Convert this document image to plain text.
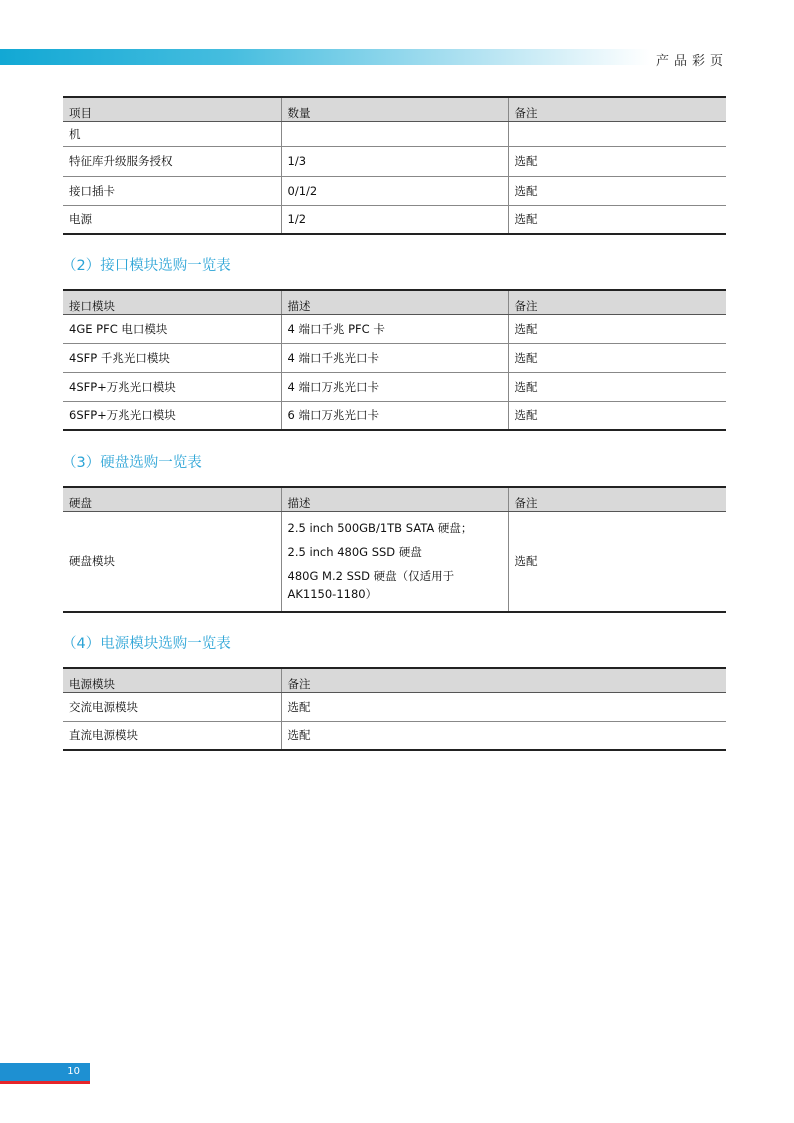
产品彩页
项目	数量	备注
机		
特征库升级服务授权	1/3	选配
接口插卡	0/1/2	选配
电源	1/2	选配
（2）接口模块选购一览表
接口模块	描述	备注
4GE PFC 电口模块	4 端口千兆 PFC 卡	选配
4SFP 千兆光口模块	4 端口千兆光口卡	选配
4SFP+万兆光口模块	4 端口万兆光口卡	选配
6SFP+万兆光口模块	6 端口万兆光口卡	选配
（3）硬盘选购一览表
硬盘	描述	备注
硬盘模块	2.5 inch 500GB/1TB SATA 硬盘；
2.5 inch 480G SSD 硬盘
480G M.2 SSD 硬盘（仅适用于AK1150-1180）	选配
（4）电源模块选购一览表
电源模块	备注
交流电源模块	选配
直流电源模块	选配
10
